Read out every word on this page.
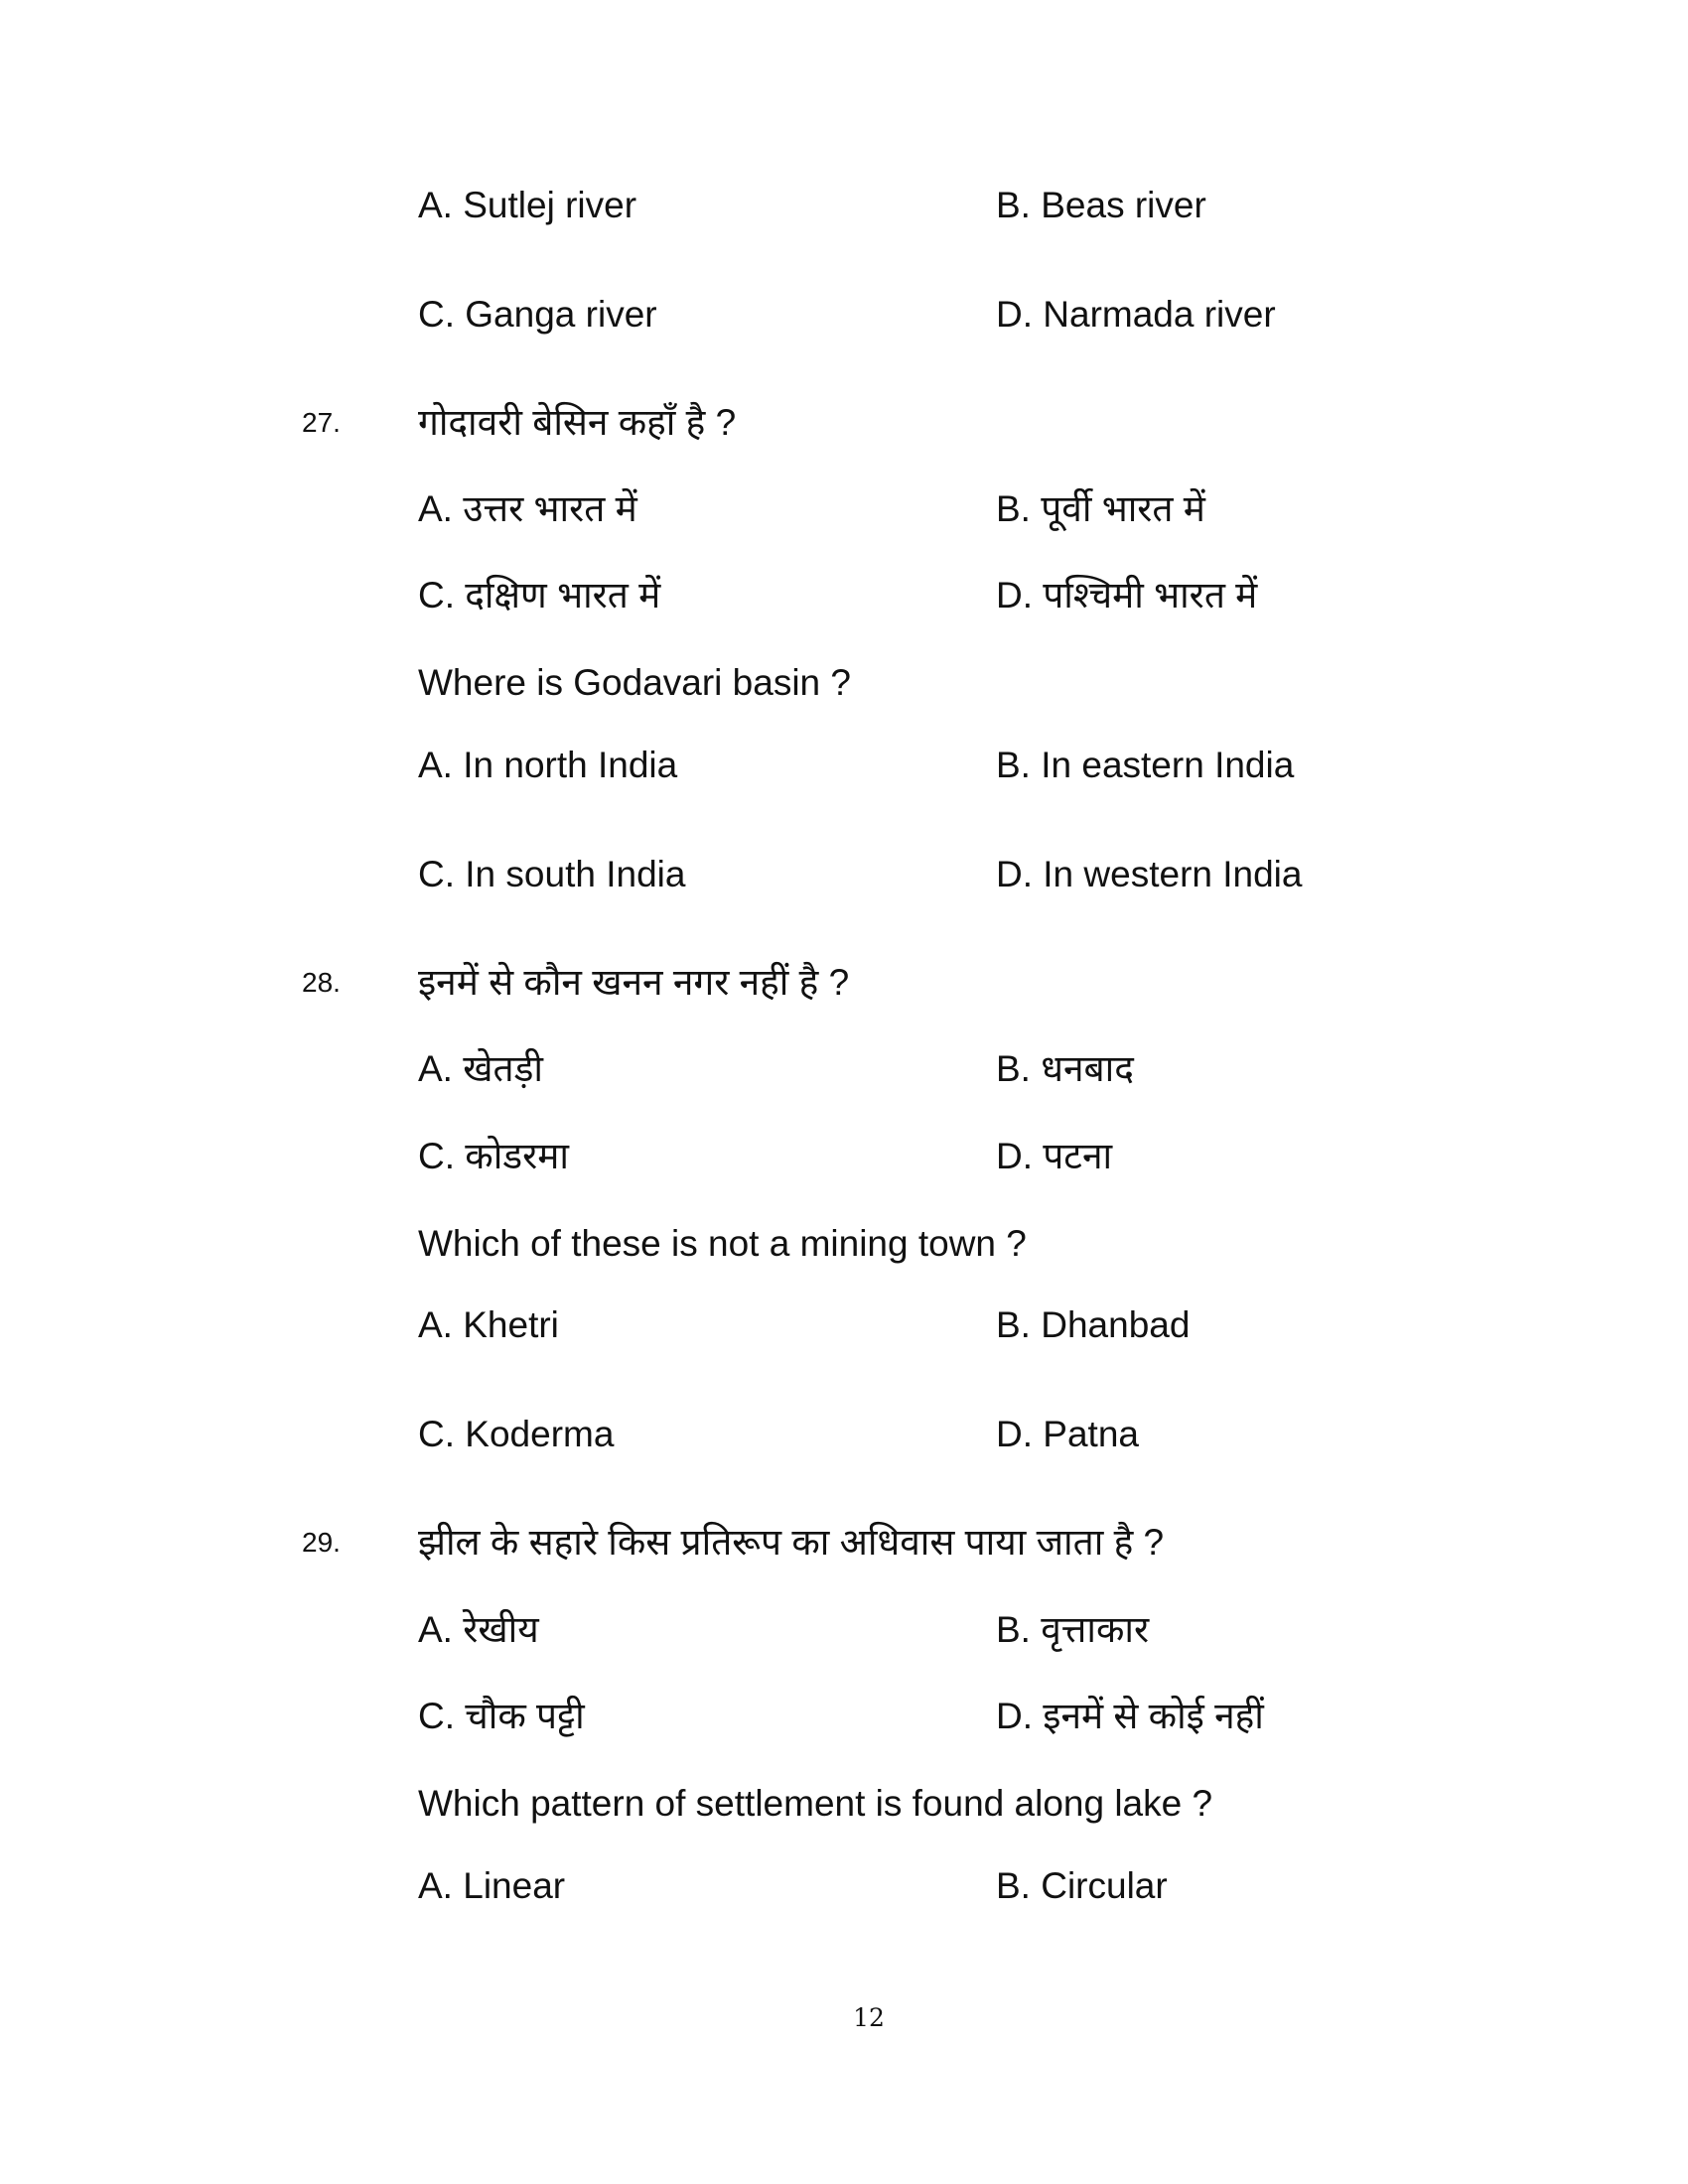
A. Sutlej river	B. Beas river
C. Ganga river	D. Narmada river
27. गोदावरी बेसिन कहाँ है ?
A. उत्तर भारत में	B. पूर्वी भारत में
C. दक्षिण भारत में	D. पश्चिमी भारत में
Where is Godavari basin ?
A. In north India	B. In eastern India
C. In south India	D. In western India
28. इनमें से कौन खनन नगर नहीं है ?
A. खेतड़ी	B. धनबाद
C. कोडरमा	D. पटना
Which of these is not a mining town ?
A. Khetri	B. Dhanbad
C. Koderma	D. Patna
29. झील के सहारे किस प्रतिरूप का अधिवास पाया जाता है ?
A. रेखीय	B. वृत्ताकार
C. चौक पट्टी	D. इनमें से कोई नहीं
Which pattern of settlement is found along lake ?
A. Linear	B. Circular
12
